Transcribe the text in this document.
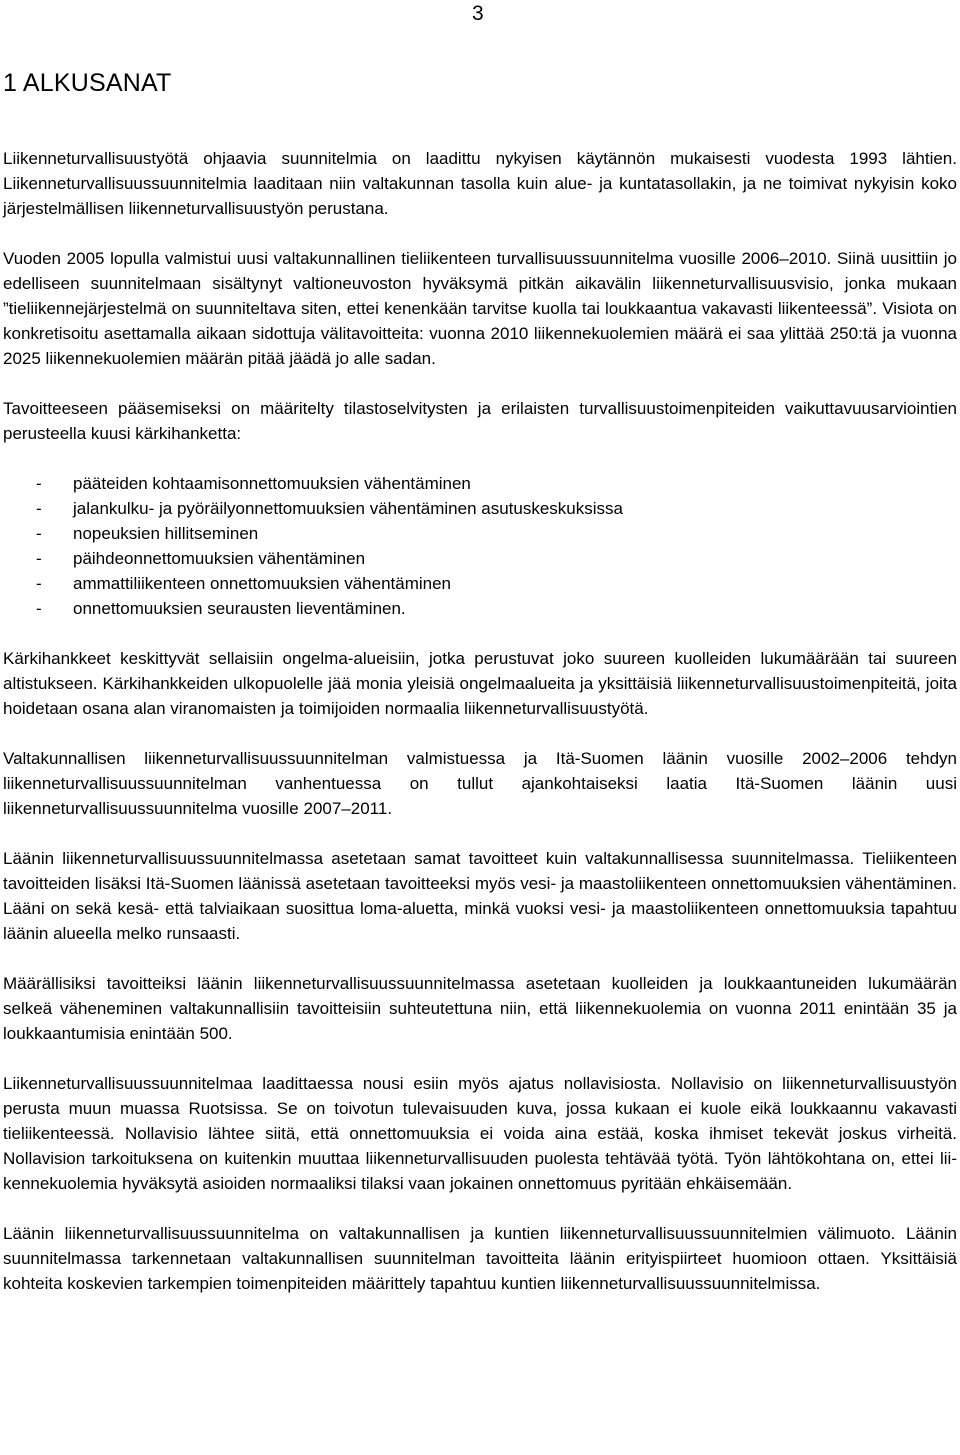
3
1 ALKUSANAT

Liikenneturvallisuustyötä ohjaavia suunnitelmia on laadittu nykyisen käytännön mukaisesti vuodesta 1993 lähtien. Liikenneturvallisuussuunnitelmia laaditaan niin valtakunnan tasolla kuin alue- ja kuntatasollakin, ja ne toimivat nykyisin koko järjestelmällisen liikenneturvallisuustyön perustana.

Vuoden 2005 lopulla valmistui uusi valtakunnallinen tieliikenteen turvallisuussuunnitelma vuosille 2006–2010. Siinä uusittiin jo edelliseen suunnitelmaan sisältynyt valtioneuvoston hyväksymä pitkän aikavälin liikenneturvallisuusvisio, jonka mukaan ”tieliikennejärjestelmä on suunniteltava siten, ettei kenenkään tarvitse kuolla tai loukkaantua vakavasti liikenteessä”. Visiota on konkretisoitu asettamalla aikaan sidottuja välitavoitteita: vuonna 2010 liikennekuolemien määrä ei saa ylittää 250:tä ja vuonna 2025 liikennekuolemien määrän pitää jäädä jo alle sadan.

Tavoitteeseen pääsemiseksi on määritelty tilastoselvitysten ja erilaisten turvallisuustoimenpiteiden vaikuttavuusarviointien perusteella kuusi kärkihanketta:

-	pääteiden kohtaamisonnettomuuksien vähentäminen
-	jalankulku- ja pyöräilyonnettomuuksien vähentäminen asutuskeskuksissa
-	nopeuksien hillitseminen
-	päihdeonnettomuuksien vähentäminen
-	ammattiliikenteen onnettomuuksien vähentäminen
-	onnettomuuksien seurausten lieventäminen.

Kärkihankkeet keskittyvät sellaisiin ongelma-alueisiin, jotka perustuvat joko suureen kuolleiden lukumäärään tai suureen altistukseen. Kärkihankkeiden ulkopuolelle jää monia yleisiä ongelmaalueita ja yksittäisiä liikenneturvallisuustoimenpiteitä, joita hoidetaan osana alan viranomaisten ja toimijoiden normaalia liikenneturvallisuustyötä.

Valtakunnallisen liikenneturvallisuussuunnitelman valmistuessa ja Itä-Suomen läänin vuosille 2002–2006 tehdyn liikenneturvallisuussuunnitelman vanhentuessa on tullut ajankohtaiseksi laatia Itä-Suomen läänin uusi liikenneturvallisuussuunnitelma vuosille 2007–2011.

Läänin liikenneturvallisuussuunnitelmassa asetetaan samat tavoitteet kuin valtakunnallisessa suunnitelmassa. Tieliikenteen tavoitteiden lisäksi Itä-Suomen läänissä asetetaan tavoitteeksi myös vesi- ja maastoliikenteen onnettomuuksien vähentäminen. Lääni on sekä kesä- että talviaikaan suosittua loma-aluetta, minkä vuoksi vesi- ja maastoliikenteen onnettomuuksia tapahtuu läänin alueella melko runsaasti.

Määrällisiksi tavoitteiksi läänin liikenneturvallisuussuunnitelmassa asetetaan kuolleiden ja loukkaantuneiden lukumäärän selkeä väheneminen valtakunnallisiin tavoitteisiin suhteutettuna niin, että liikennekuolemia on vuonna 2011 enintään 35 ja loukkaantumisia enintään 500.

Liikenneturvallisuussuunnitelmaa laadittaessa nousi esiin myös ajatus nollavisiosta. Nollavisio on liikenneturvallisuustyön perusta muun muassa Ruotsissa. Se on toivotun tulevaisuuden kuva, jossa kukaan ei kuole eikä loukkaannu vakavasti tieliikenteessä. Nollavisio lähtee siitä, että onnettomuuksia ei voida aina estää, koska ihmiset tekevät joskus virheitä. Nollavision tarkoituksena on kuitenkin muuttaa liikenneturvallisuuden puolesta tehtävää työtä. Työn lähtökohtana on, ettei liikennekuolemia hyväksytä asioiden normaaliksi tilaksi vaan jokainen onnettomuus pyritään ehkäisemään.

Läänin liikenneturvallisuussuunnitelma on valtakunnallisen ja kuntien liikenneturvallisuussuunnitelmien välimuoto. Läänin suunnitelmassa tarkennetaan valtakunnallisen suunnitelman tavoitteita läänin erityispiirteet huomioon ottaen. Yksittäisiä kohteita koskevien tarkempien toimenpiteiden määrittely tapahtuu kuntien liikenneturvallisuussuunnitelmissa.
